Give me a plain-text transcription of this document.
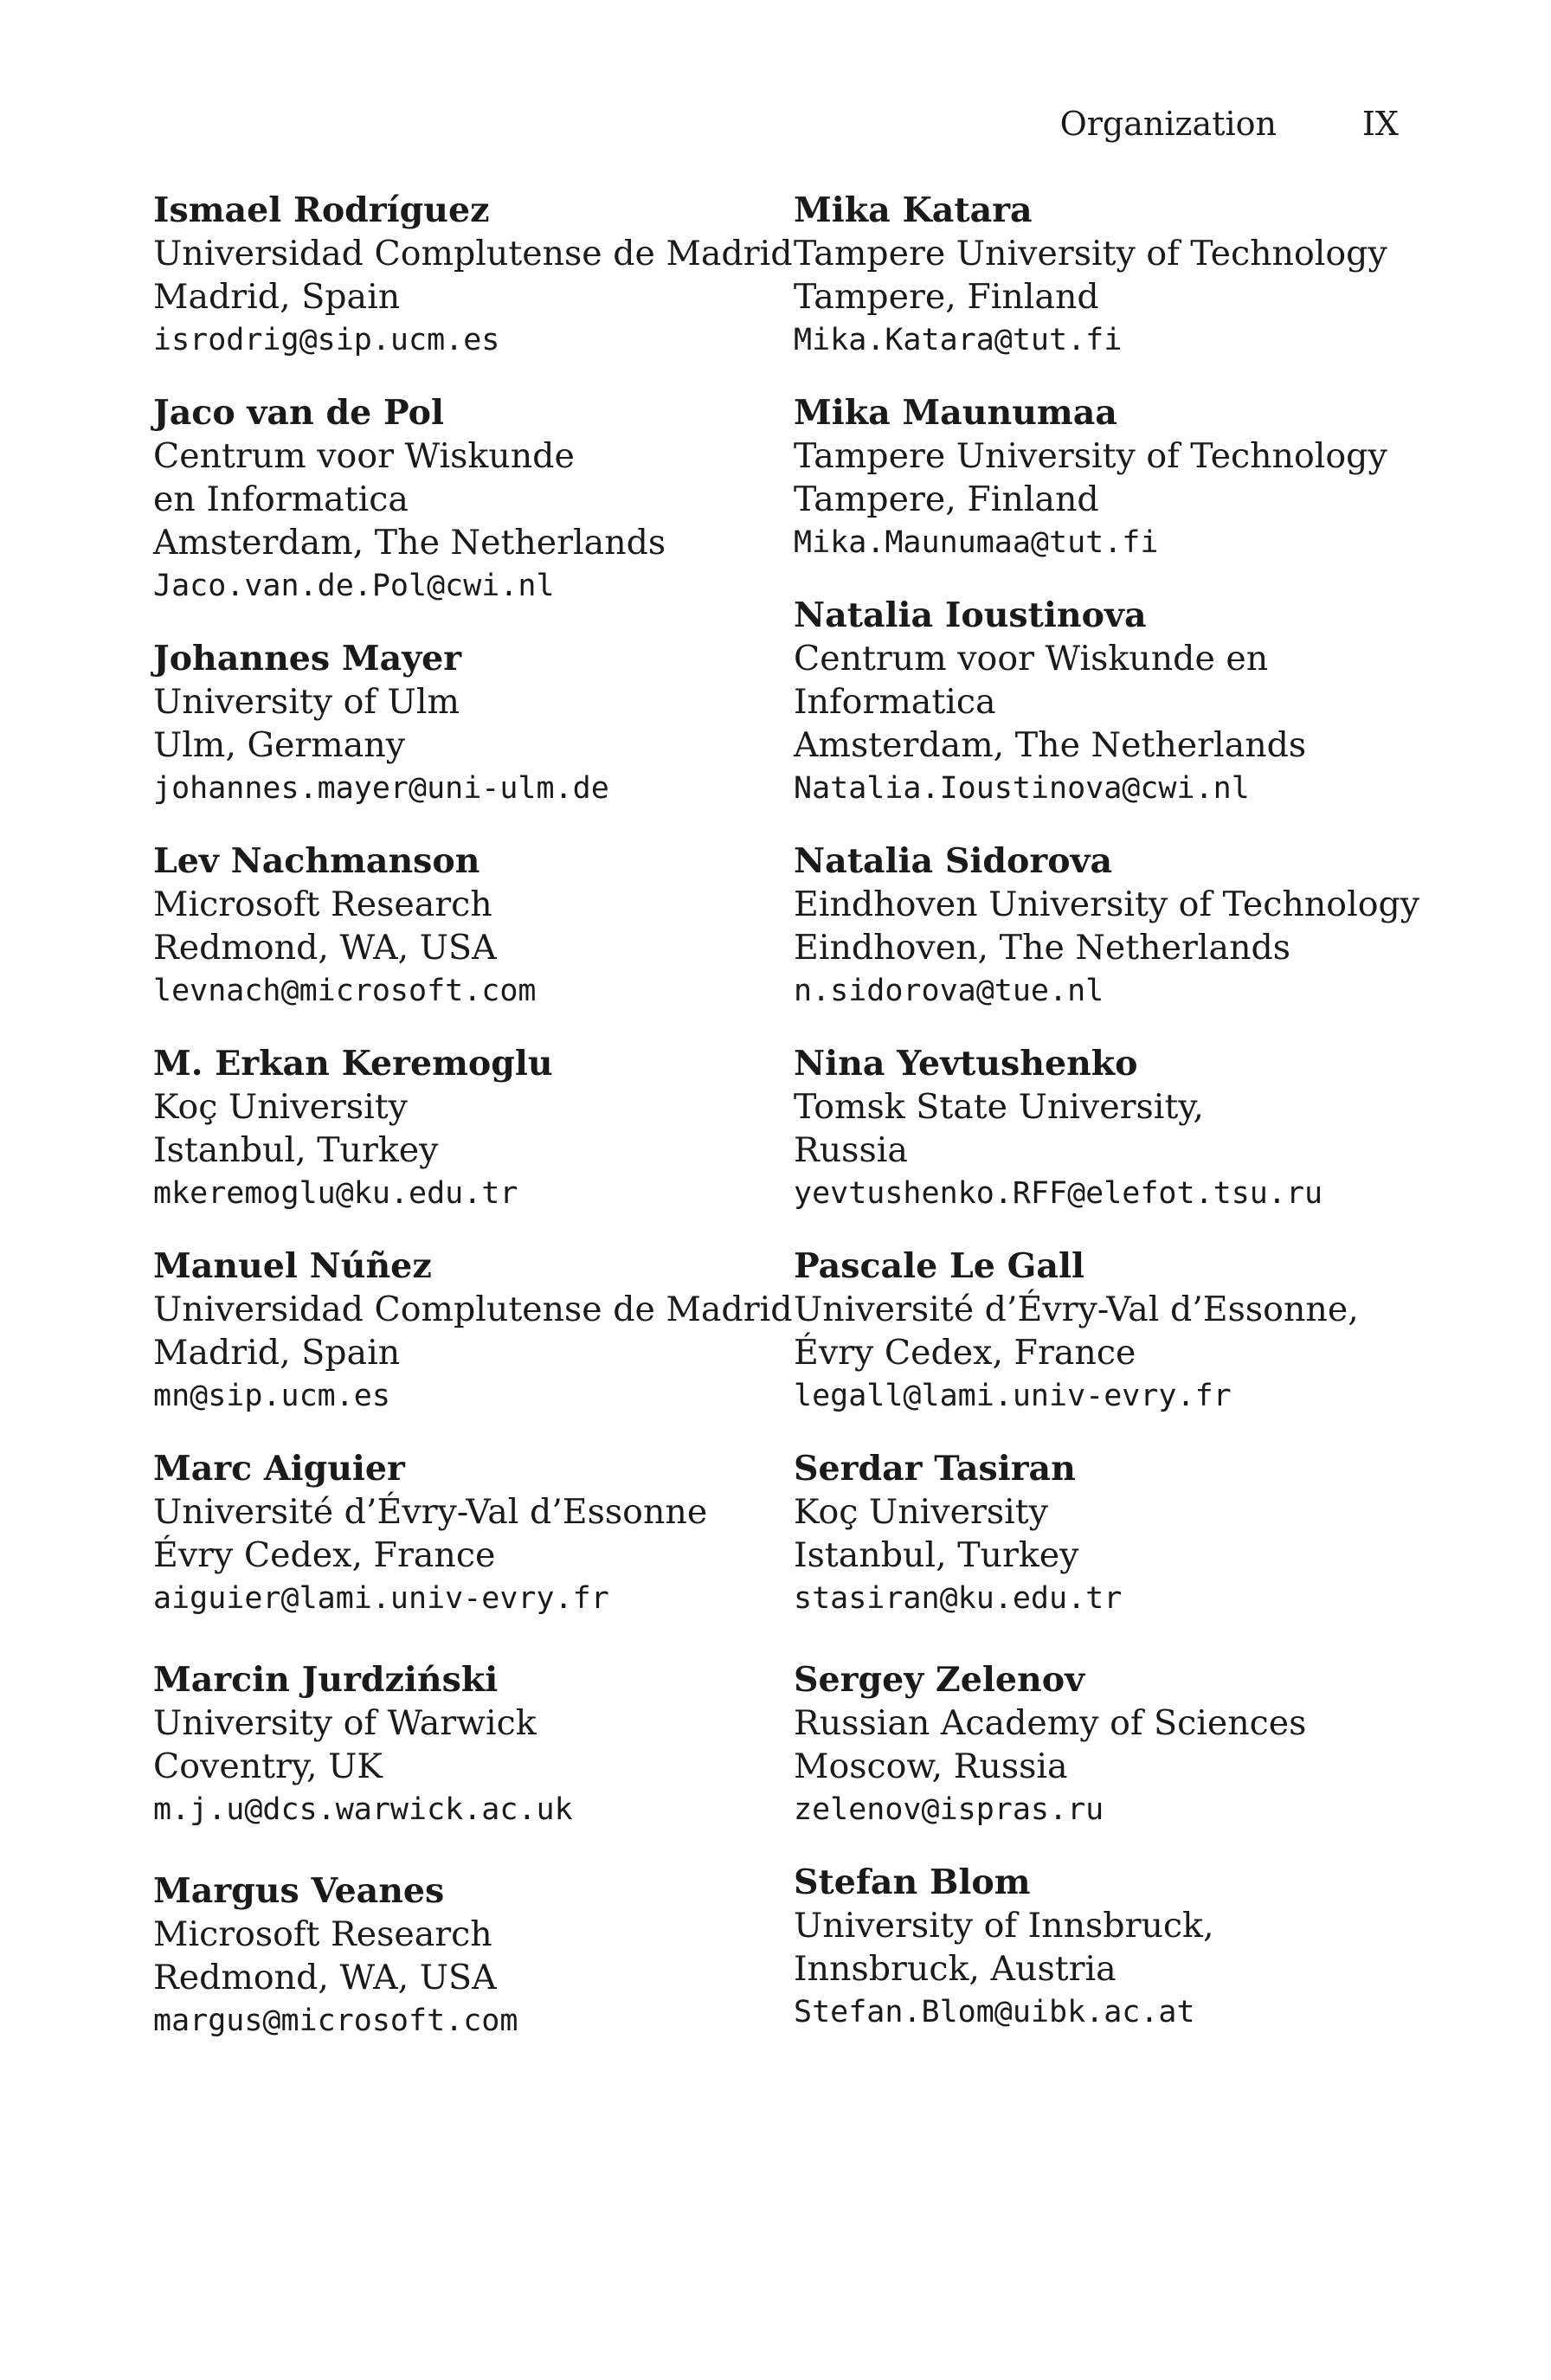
Organization	IX
Ismael Rodríguez
Universidad Complutense de Madrid
Madrid, Spain
isrodrig@sip.ucm.es
Jaco van de Pol
Centrum voor Wiskunde
en Informatica
Amsterdam, The Netherlands
Jaco.van.de.Pol@cwi.nl
Johannes Mayer
University of Ulm
Ulm, Germany
johannes.mayer@uni-ulm.de
Lev Nachmanson
Microsoft Research
Redmond, WA, USA
levnach@microsoft.com
M. Erkan Keremoglu
Koç University
Istanbul, Turkey
mkeremoglu@ku.edu.tr
Manuel Núñez
Universidad Complutense de Madrid
Madrid, Spain
mn@sip.ucm.es
Marc Aiguier
Université d’Évry-Val d’Essonne
Évry Cedex, France
aiguier@lami.univ-evry.fr
Marcin Jurdziński
University of Warwick
Coventry, UK
m.j.u@dcs.warwick.ac.uk
Margus Veanes
Microsoft Research
Redmond, WA, USA
margus@microsoft.com
Mika Katara
Tampere University of Technology
Tampere, Finland
Mika.Katara@tut.fi
Mika Maunumaa
Tampere University of Technology
Tampere, Finland
Mika.Maunumaa@tut.fi
Natalia Ioustinova
Centrum voor Wiskunde en
Informatica
Amsterdam, The Netherlands
Natalia.Ioustinova@cwi.nl
Natalia Sidorova
Eindhoven University of Technology
Eindhoven, The Netherlands
n.sidorova@tue.nl
Nina Yevtushenko
Tomsk State University,
Russia
yevtushenko.RFF@elefot.tsu.ru
Pascale Le Gall
Université d’Évry-Val d’Essonne,
Évry Cedex, France
legall@lami.univ-evry.fr
Serdar Tasiran
Koç University
Istanbul, Turkey
stasiran@ku.edu.tr
Sergey Zelenov
Russian Academy of Sciences
Moscow, Russia
zelenov@ispras.ru
Stefan Blom
University of Innsbruck,
Innsbruck, Austria
Stefan.Blom@uibk.ac.at
